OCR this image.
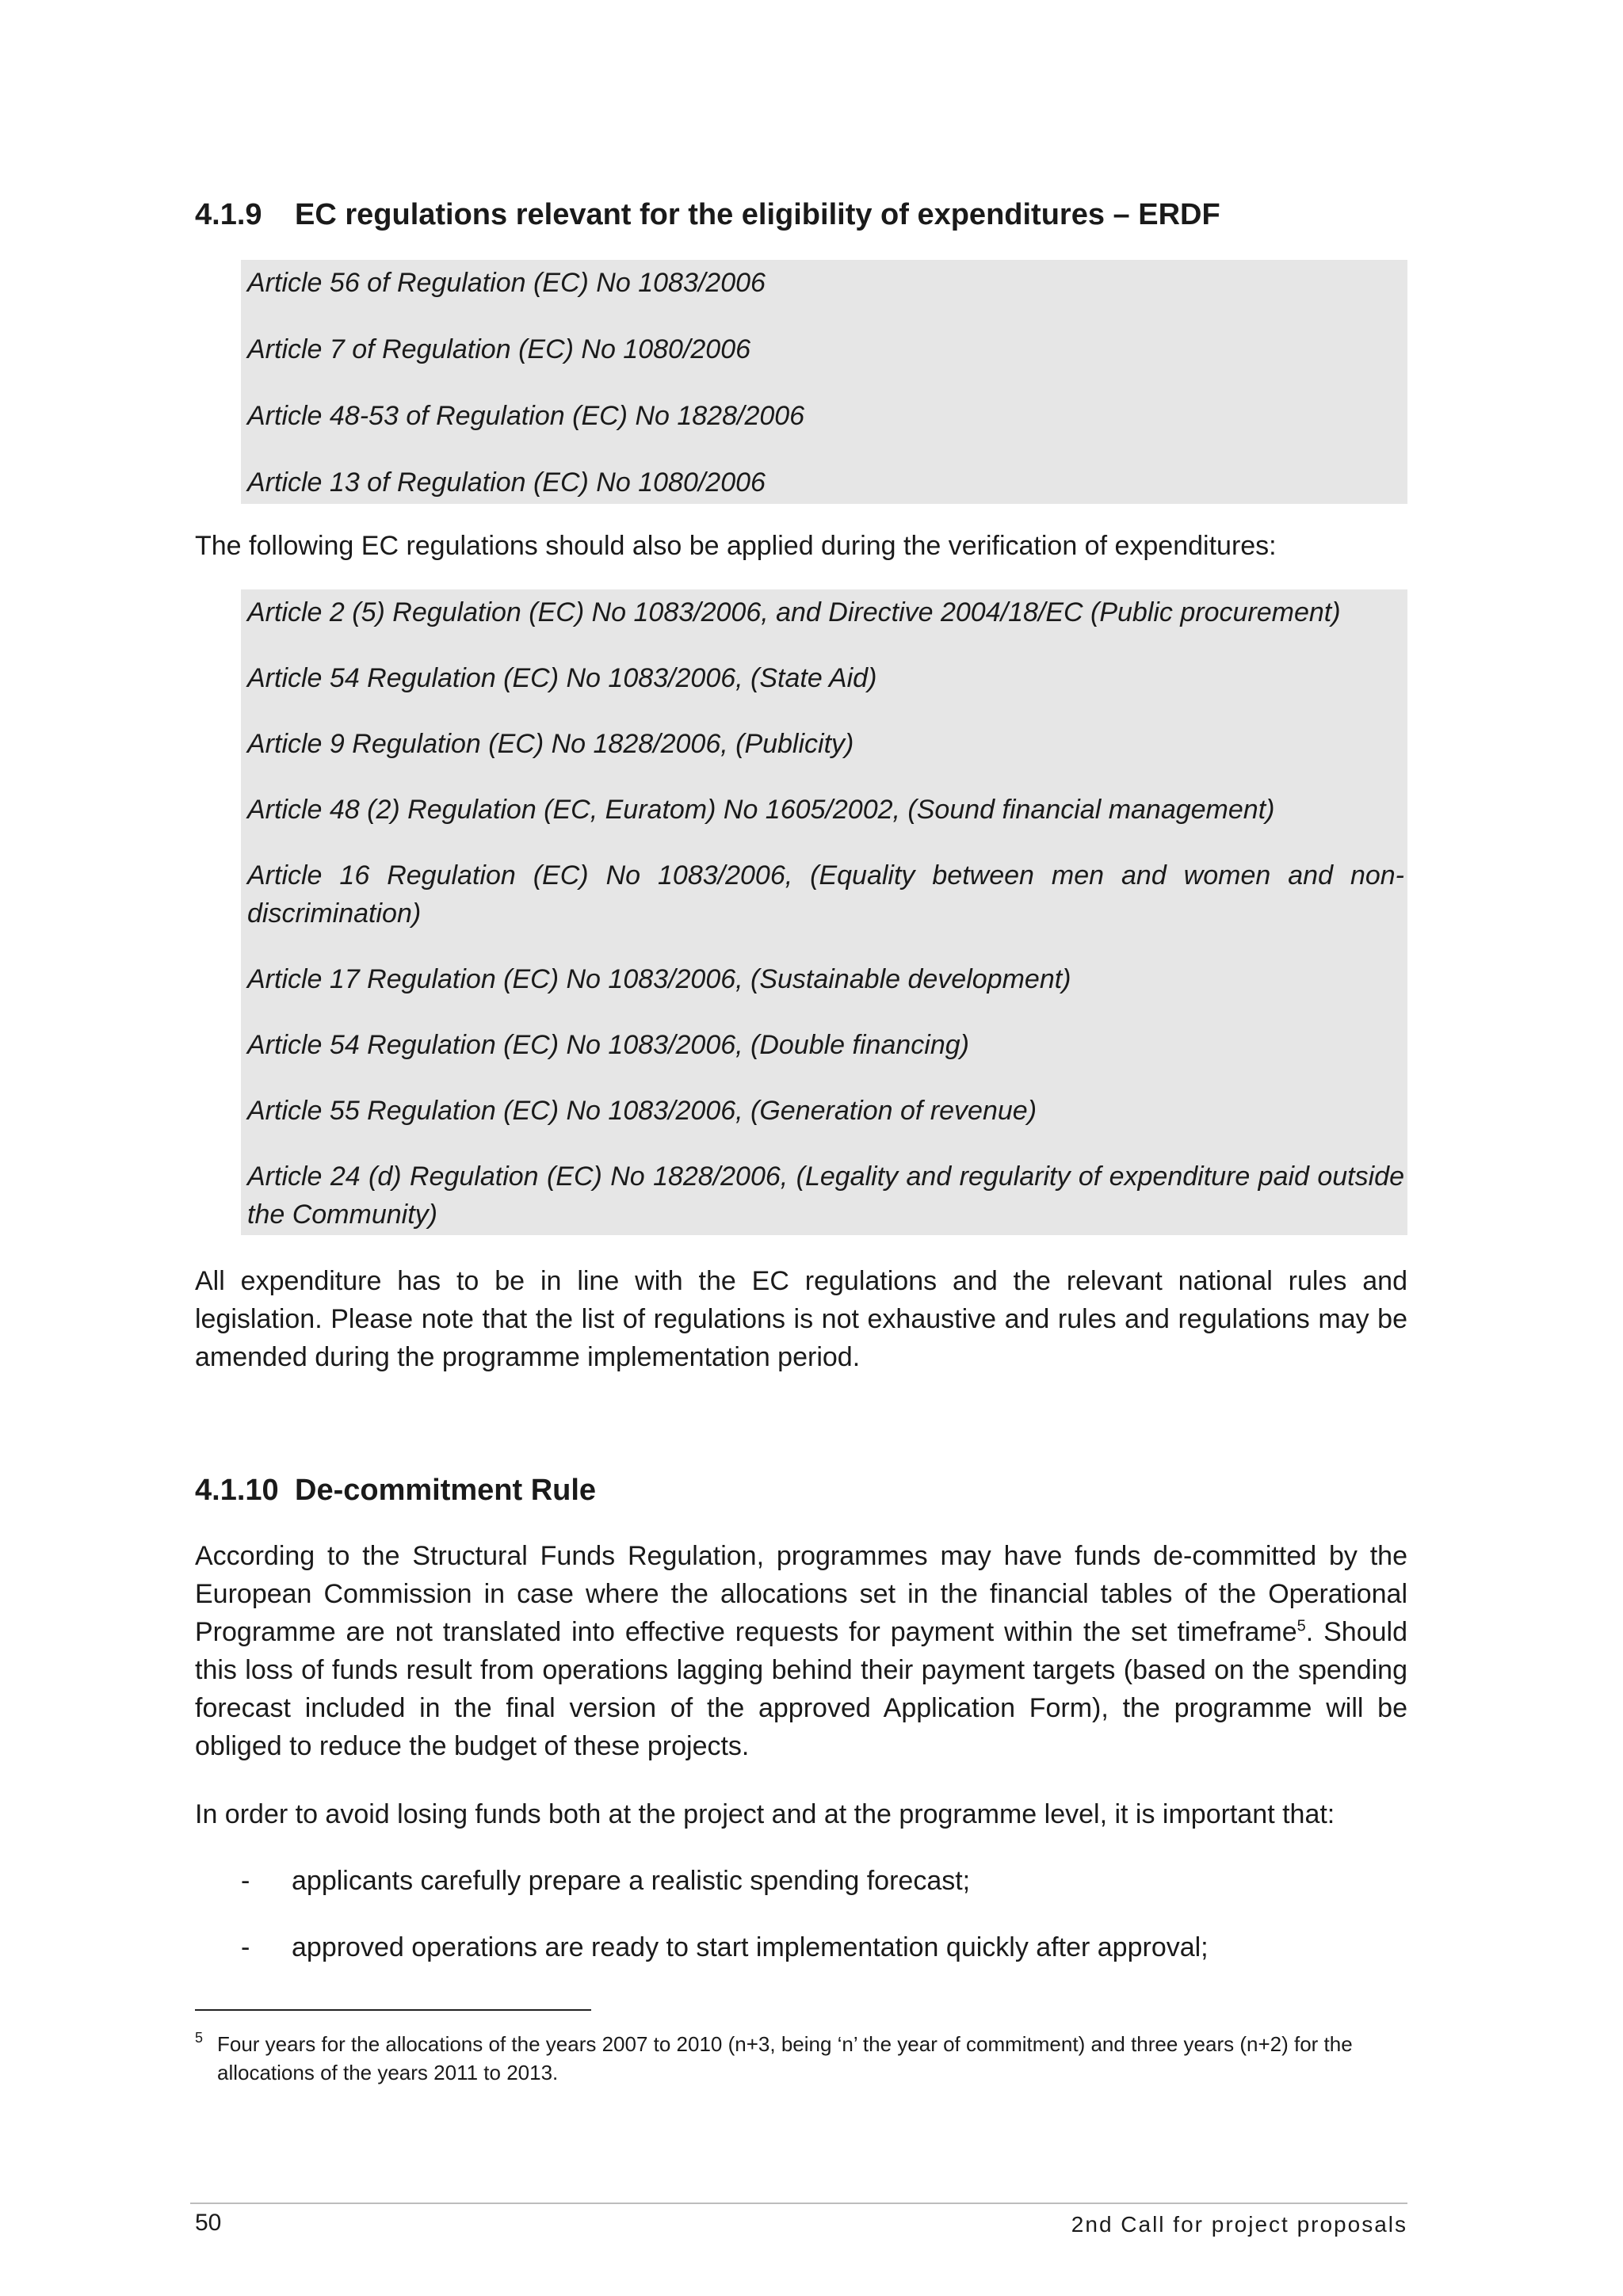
4.1.9 EC regulations relevant for the eligibility of expenditures – ERDF

Article 56 of Regulation (EC) No 1083/2006

Article 7 of Regulation (EC) No 1080/2006

Article 48-53 of Regulation (EC) No 1828/2006

Article 13 of Regulation (EC) No 1080/2006

The following EC regulations should also be applied during the verification of expenditures:

Article 2 (5) Regulation (EC) No 1083/2006, and Directive 2004/18/EC (Public procurement)

Article 54 Regulation (EC) No 1083/2006, (State Aid)

Article 9 Regulation (EC) No 1828/2006, (Publicity)

Article 48 (2) Regulation (EC, Euratom) No 1605/2002, (Sound financial management)

Article 16 Regulation (EC) No 1083/2006, (Equality between men and women and non-discrimination)

Article 17 Regulation (EC) No 1083/2006, (Sustainable development)

Article 54 Regulation (EC) No 1083/2006, (Double financing)

Article 55 Regulation (EC) No 1083/2006, (Generation of revenue)

Article 24 (d) Regulation (EC) No 1828/2006, (Legality and regularity of expenditure paid outside the Community)

All expenditure has to be in line with the EC regulations and the relevant national rules and legislation. Please note that the list of regulations is not exhaustive and rules and regulations may be amended during the programme implementation period.

4.1.10 De-commitment Rule

According to the Structural Funds Regulation, programmes may have funds de-committed by the European Commission in case where the allocations set in the financial tables of the Operational Programme are not translated into effective requests for payment within the set timeframe$^5$. Should this loss of funds result from operations lagging behind their payment targets (based on the spending forecast included in the final version of the approved Application Form), the programme will be obliged to reduce the budget of these projects.

In order to avoid losing funds both at the project and at the programme level, it is important that:

- applicants carefully prepare a realistic spending forecast;
- approved operations are ready to start implementation quickly after approval;
5 Four years for the allocations of the years 2007 to 2010 (n+3, being ‘n’ the year of commitment) and three years (n+2) for the allocations of the years 2011 to 2013.
50	2nd Call for project proposals
